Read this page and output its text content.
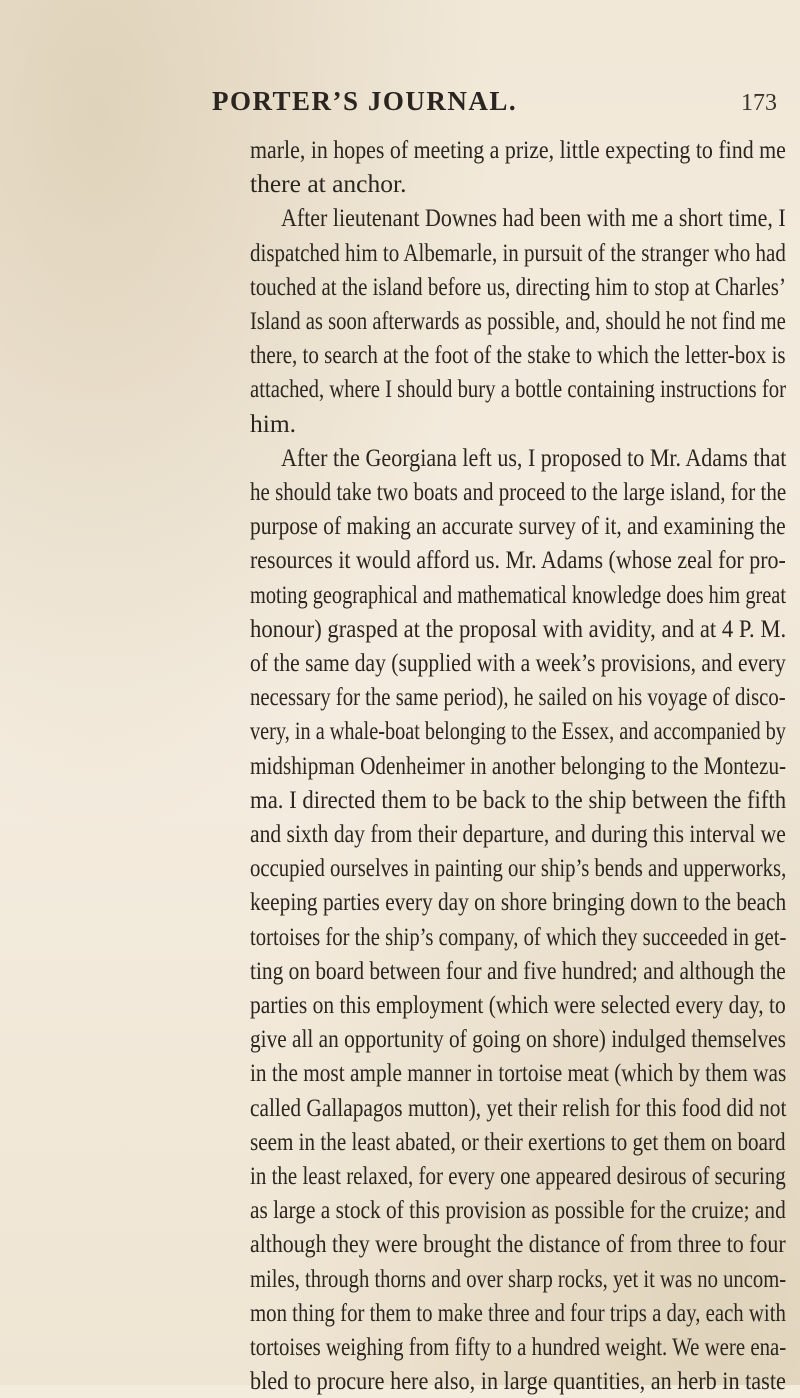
PORTER’S JOURNAL.	173
marle, in hopes of meeting a prize, little expecting to find me
there at anchor.
After lieutenant Downes had been with me a short time, I
dispatched him to Albemarle, in pursuit of the stranger who had
touched at the island before us, directing him to stop at Charles’
Island as soon afterwards as possible, and, should he not find me
there, to search at the foot of the stake to which the letter-box is
attached, where I should bury a bottle containing instructions for
him.
After the Georgiana left us, I proposed to Mr. Adams that
he should take two boats and proceed to the large island, for the
purpose of making an accurate survey of it, and examining the
resources it would afford us. Mr. Adams (whose zeal for pro-
moting geographical and mathematical knowledge does him great
honour) grasped at the proposal with avidity, and at 4 P. M.
of the same day (supplied with a week’s provisions, and every
necessary for the same period), he sailed on his voyage of disco-
very, in a whale-boat belonging to the Essex, and accompanied by
midshipman Odenheimer in another belonging to the Montezu-
ma. I directed them to be back to the ship between the fifth
and sixth day from their departure, and during this interval we
occupied ourselves in painting our ship’s bends and upperworks,
keeping parties every day on shore bringing down to the beach
tortoises for the ship’s company, of which they succeeded in get-
ting on board between four and five hundred; and although the
parties on this employment (which were selected every day, to
give all an opportunity of going on shore) indulged themselves
in the most ample manner in tortoise meat (which by them was
called Gallapagos mutton), yet their relish for this food did not
seem in the least abated, or their exertions to get them on board
in the least relaxed, for every one appeared desirous of securing
as large a stock of this provision as possible for the cruize; and
although they were brought the distance of from three to four
miles, through thorns and over sharp rocks, yet it was no uncom-
mon thing for them to make three and four trips a day, each with
tortoises weighing from fifty to a hundred weight. We were ena-
bled to procure here also, in large quantities, an herb in taste
